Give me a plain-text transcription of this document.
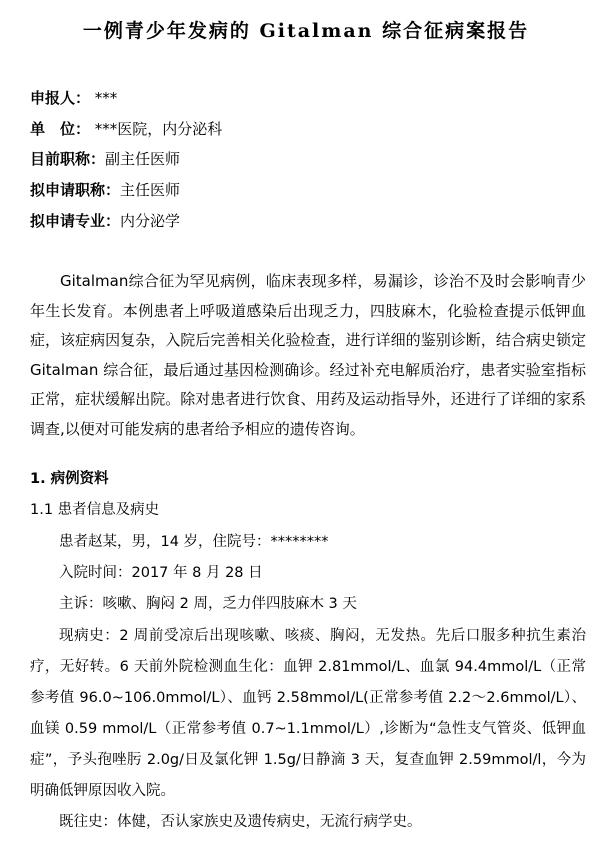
一例青少年发病的 Gitalman 综合征病案报告
申报人： ***
单　位： ***医院，内分泌科
目前职称：副主任医师
拟申请职称：主任医师
拟申请专业：内分泌学

Gitalman综合征为罕见病例，临床表现多样，易漏诊，诊治不及时会影响青少年生长发育。本例患者上呼吸道感染后出现乏力，四肢麻木，化验检查提示低钾血症，该症病因复杂，入院后完善相关化验检查，进行详细的鉴别诊断，结合病史锁定 Gitalman 综合征，最后通过基因检测确诊。经过补充电解质治疗，患者实验室指标正常，症状缓解出院。除对患者进行饮食、用药及运动指导外，还进行了详细的家系调查,以便对可能发病的患者给予相应的遗传咨询。

1. 病例资料
1.1 患者信息及病史
患者赵某，男，14 岁，住院号：********
入院时间：2017 年 8 月 28 日
主诉：咳嗽、胸闷 2 周，乏力伴四肢麻木 3 天

现病史：2 周前受凉后出现咳嗽、咳痰、胸闷，无发热。先后口服多种抗生素治疗，无好转。6 天前外院检测血生化：血钾 2.81mmol/L、血氯 94.4mmol/L（正常参考值 96.0~106.0mmol/L）、血钙 2.58mmol/L(正常参考值 2.2～2.6mmol/L）、血镁 0.59 mmol/L（正常参考值 0.7~1.1mmol/L）,诊断为“急性支气管炎、低钾血症”，予头孢唑肟 2.0g/日及氯化钾 1.5g/日静滴 3 天，复查血钾 2.59mmol/l，今为明确低钾原因收入院。

既往史：体健，否认家族史及遗传病史，无流行病学史。
